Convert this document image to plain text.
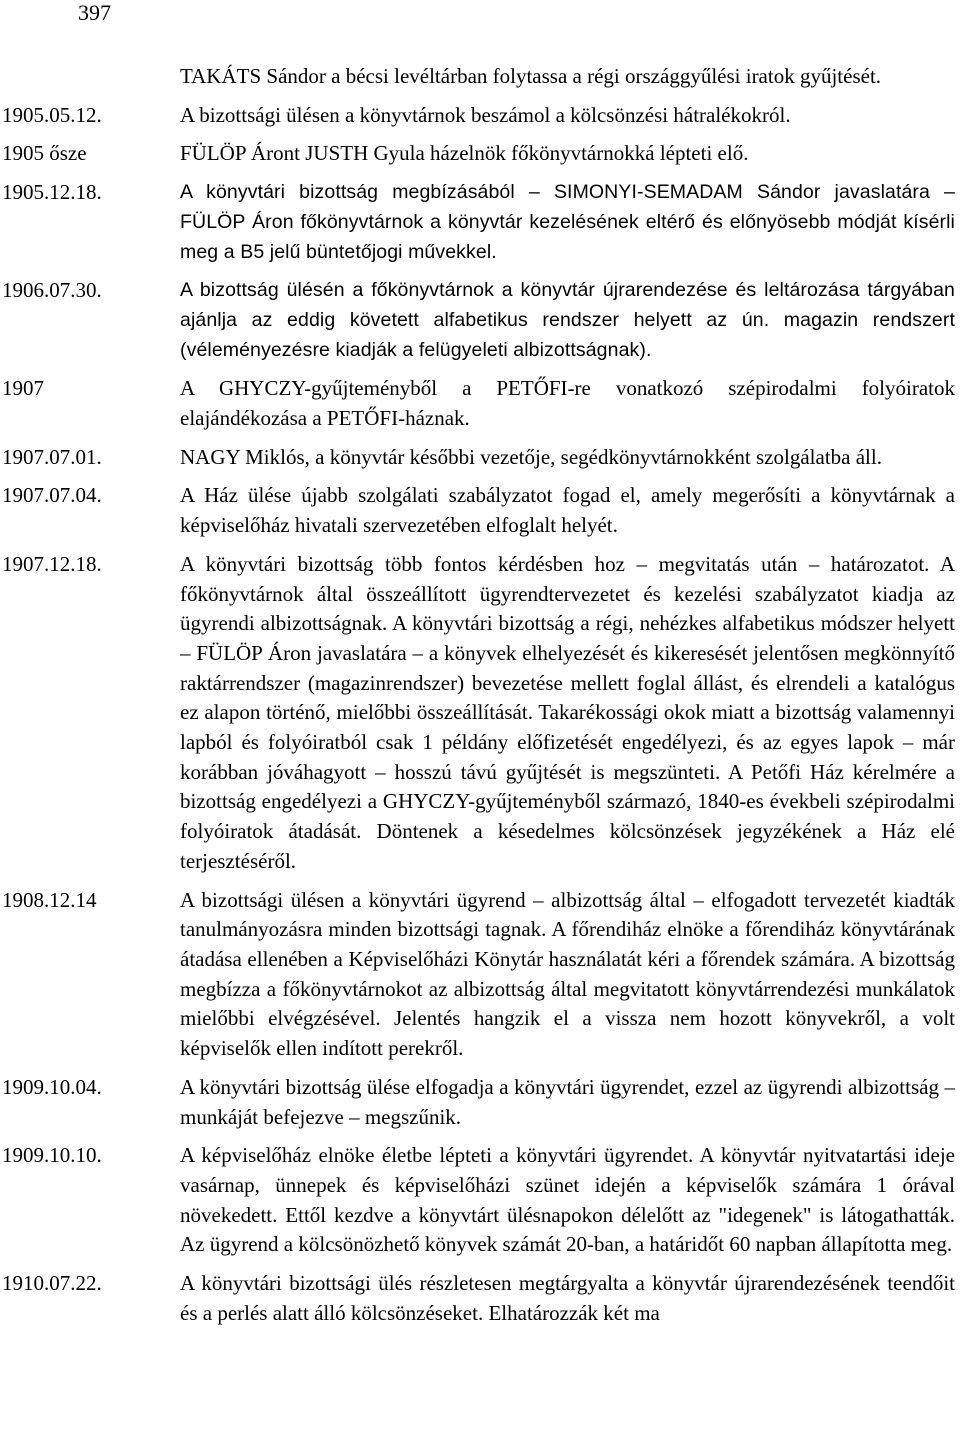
397
TAKÁTS Sándor a bécsi levéltárban folytassa a régi országgyűlési iratok gyűjtését.
1905.05.12.	A bizottsági ülésen a könyvtárnok beszámol a kölcsönzési hátralékokról.
1905 ősze	FÜLÖP Áront JUSTH Gyula házelnök főkönyvtárnokká lépteti elő.
1905.12.18.	A könyvtári bizottság megbízásából – SIMONYI-SEMADAM Sándor javaslatára – FÜLÖP Áron főkönyvtárnok a könyvtár kezelésének eltérő és előnyösebb módját kísérli meg a B5 jelű büntetőjogi művekkel.
1906.07.30.	A bizottság ülésén a főkönyvtárnok a könyvtár újrarendezése és leltározása tárgyában ajánlja az eddig követett alfabetikus rendszer helyett az ún. magazin rendszert (véleményezésre kiadják a felügyeleti albizottságnak).
1907	A GHYCZY-gyűjteményből a PETŐFI-re vonatkozó szépirodalmi folyóiratok elajándékozása a PETŐFI-háznak.
1907.07.01.	NAGY Miklós, a könyvtár későbbi vezetője, segédkönyvtárnokként szolgálatba áll.
1907.07.04.	A Ház ülése újabb szolgálati szabályzatot fogad el, amely megerősíti a könyvtárnak a képviselőház hivatali szervezetében elfoglalt helyét.
1907.12.18.	A könyvtári bizottság több fontos kérdésben hoz – megvitatás után – határozatot. A főkönyvtárnok által összeállított ügyrendtervezetet és kezelési szabályzatot kiadja az ügyrendi albizottságnak. A könyvtári bizottság a régi, nehézkes alfabetikus módszer helyett – FÜLÖP Áron javaslatára – a könyvek elhelyezését és kikeresését jelentősen megkönnyítő raktárrendszer (magazinrendszer) bevezetése mellett foglal állást, és elrendeli a katalógus ez alapon történő, mielőbbi összeállítását. Takarékossági okok miatt a bizottság valamennyi lapból és folyóiratból csak 1 példány előfizetését engedélyezi, és az egyes lapok – már korábban jóváhagyott – hosszú távú gyűjtését is megszünteti. A Petőfi Ház kérelmére a bizottság engedélyezi a GHYCZY-gyűjteményből származó, 1840-es évekbeli szépirodalmi folyóiratok átadását. Döntenek a késedelmes kölcsönzések jegyzékének a Ház elé terjesztéséről.
1908.12.14	A bizottsági ülésen a könyvtári ügyrend – albizottság által – elfogadott tervezetét kiadták tanulmányozásra minden bizottsági tagnak. A főrendiház elnöke a főrendiház könyvtárának átadása ellenében a Képviselőházi Könytár használatát kéri a főrendek számára. A bizottság megbízza a főkönyvtárnokot az albizottság által megvitatott könyvtárrendezési munkálatok mielőbbi elvégzésével. Jelentés hangzik el a vissza nem hozott könyvekről, a volt képviselők ellen indított perekről.
1909.10.04.	A könyvtári bizottság ülése elfogadja a könyvtári ügyrendet, ezzel az ügyrendi albizottság – munkáját befejezve – megszűnik.
1909.10.10.	A képviselőház elnöke életbe lépteti a könyvtári ügyrendet. A könyvtár nyitvatartási ideje vasárnap, ünnepek és képviselőházi szünet idején a képviselők számára 1 órával növekedett. Ettől kezdve a könyvtárt ülésnapokon délelőtt az "idegenek" is látogathatták. Az ügyrend a kölcsönözhető könyvek számát 20-ban, a határidőt 60 napban állapította meg.
1910.07.22.	A könyvtári bizottsági ülés részletesen megtárgyalta a könyvtár újrarendezésének teendőit és a perlés alatt álló kölcsönzéseket. Elhatározzák két ma
